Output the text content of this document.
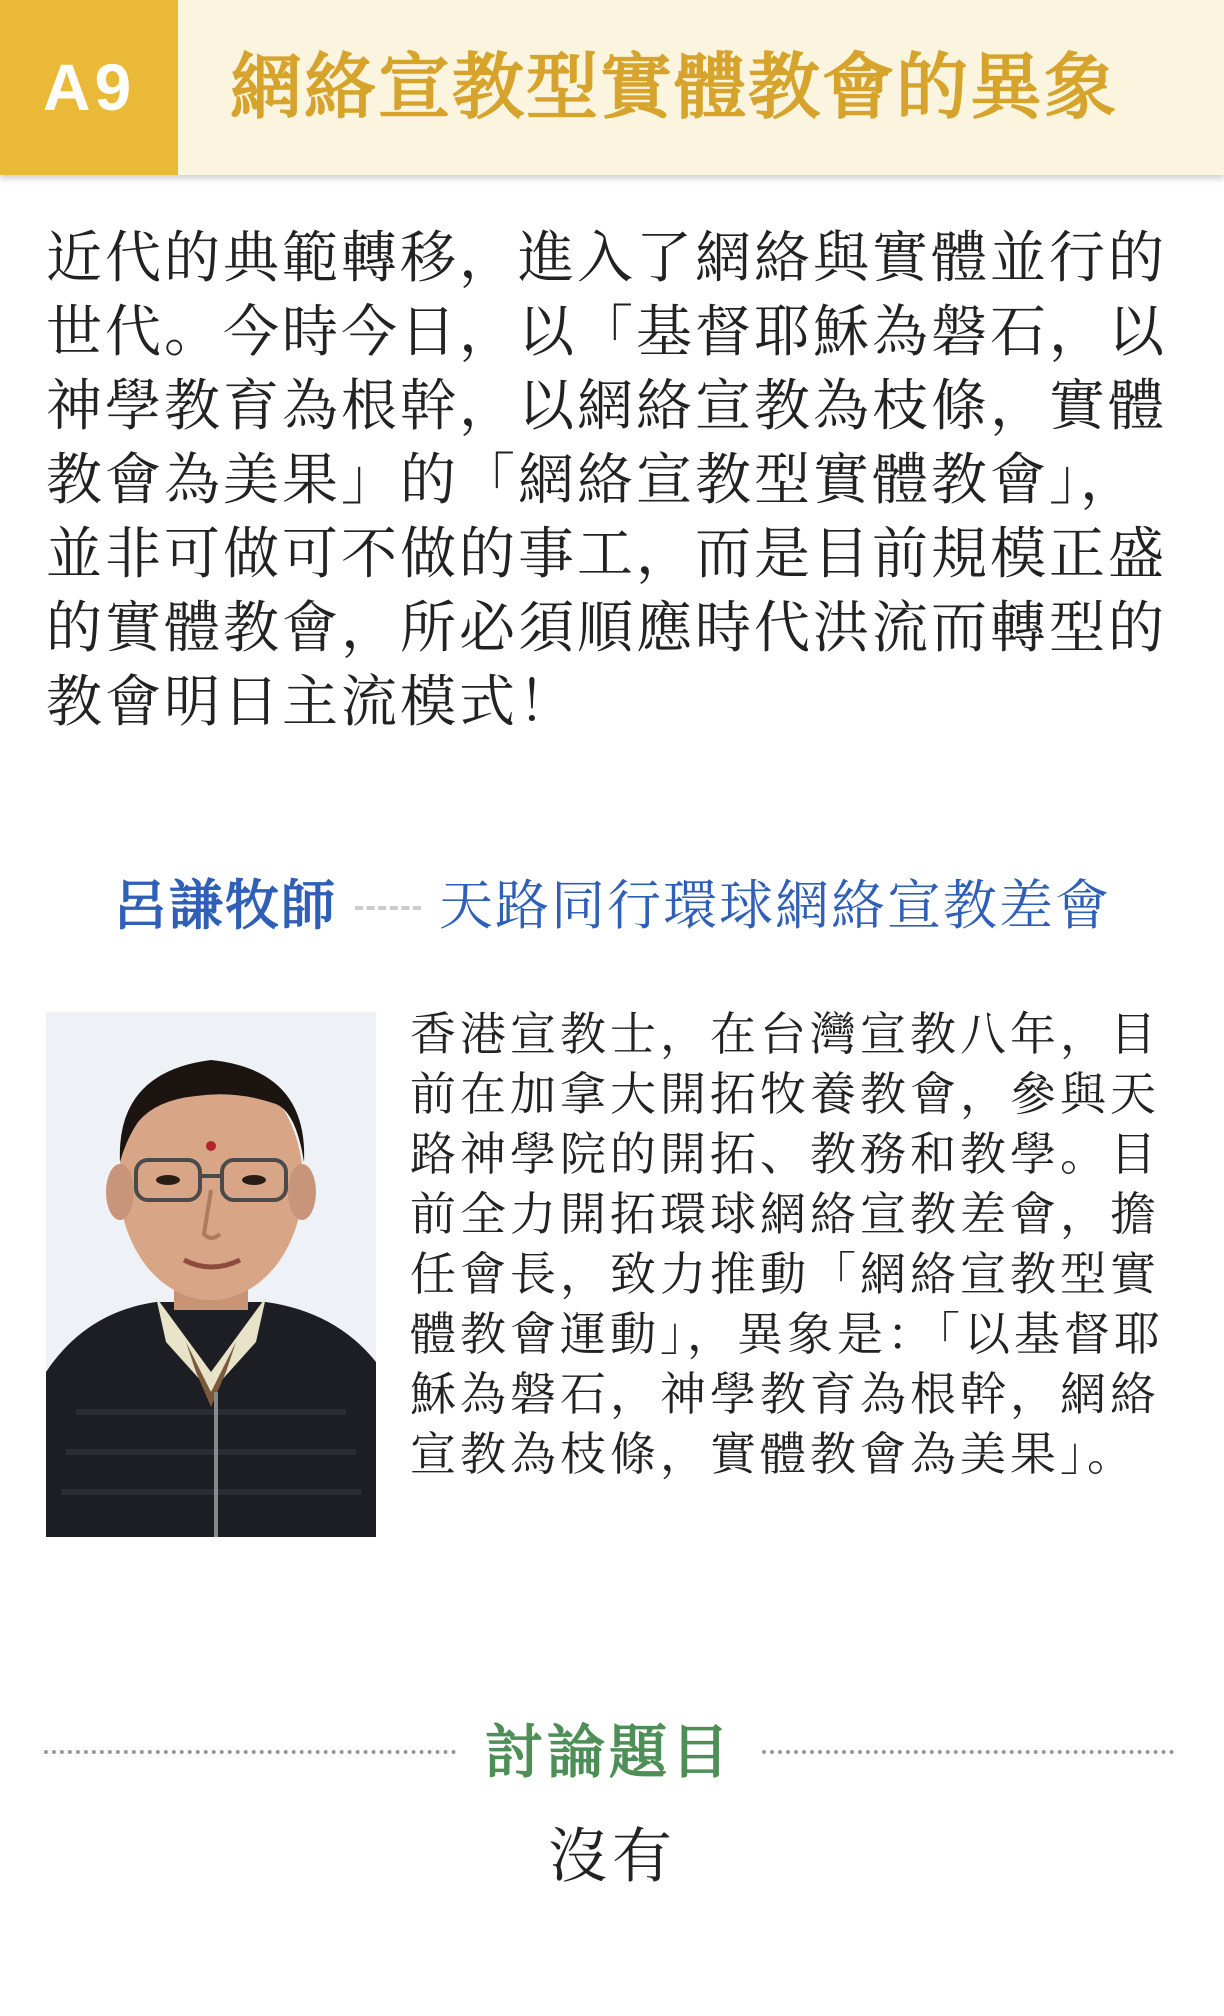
A9	網絡宣教型實體教會的異象

近代的典範轉移，進入了網絡與實體並行的世代。今時今日，以「基督耶穌為磐石，以神學教育為根幹，以網絡宣教為枝條，實體教會為美果」的「網絡宣教型實體教會」，並非可做可不做的事工，而是目前規模正盛的實體教會，所必須順應時代洪流而轉型的教會明日主流模式！

呂謙牧師 天路同行環球網絡宣教差會

香港宣教士，在台灣宣教八年，目前在加拿大開拓牧養教會，參與天路神學院的開拓、教務和教學。目前全力開拓環球網絡宣教差會，擔任會長，致力推動「網絡宣教型實體教會運動」，異象是：「以基督耶穌為磐石，神學教育為根幹，網絡宣教為枝條，實體教會為美果」。

討論題目
沒有
